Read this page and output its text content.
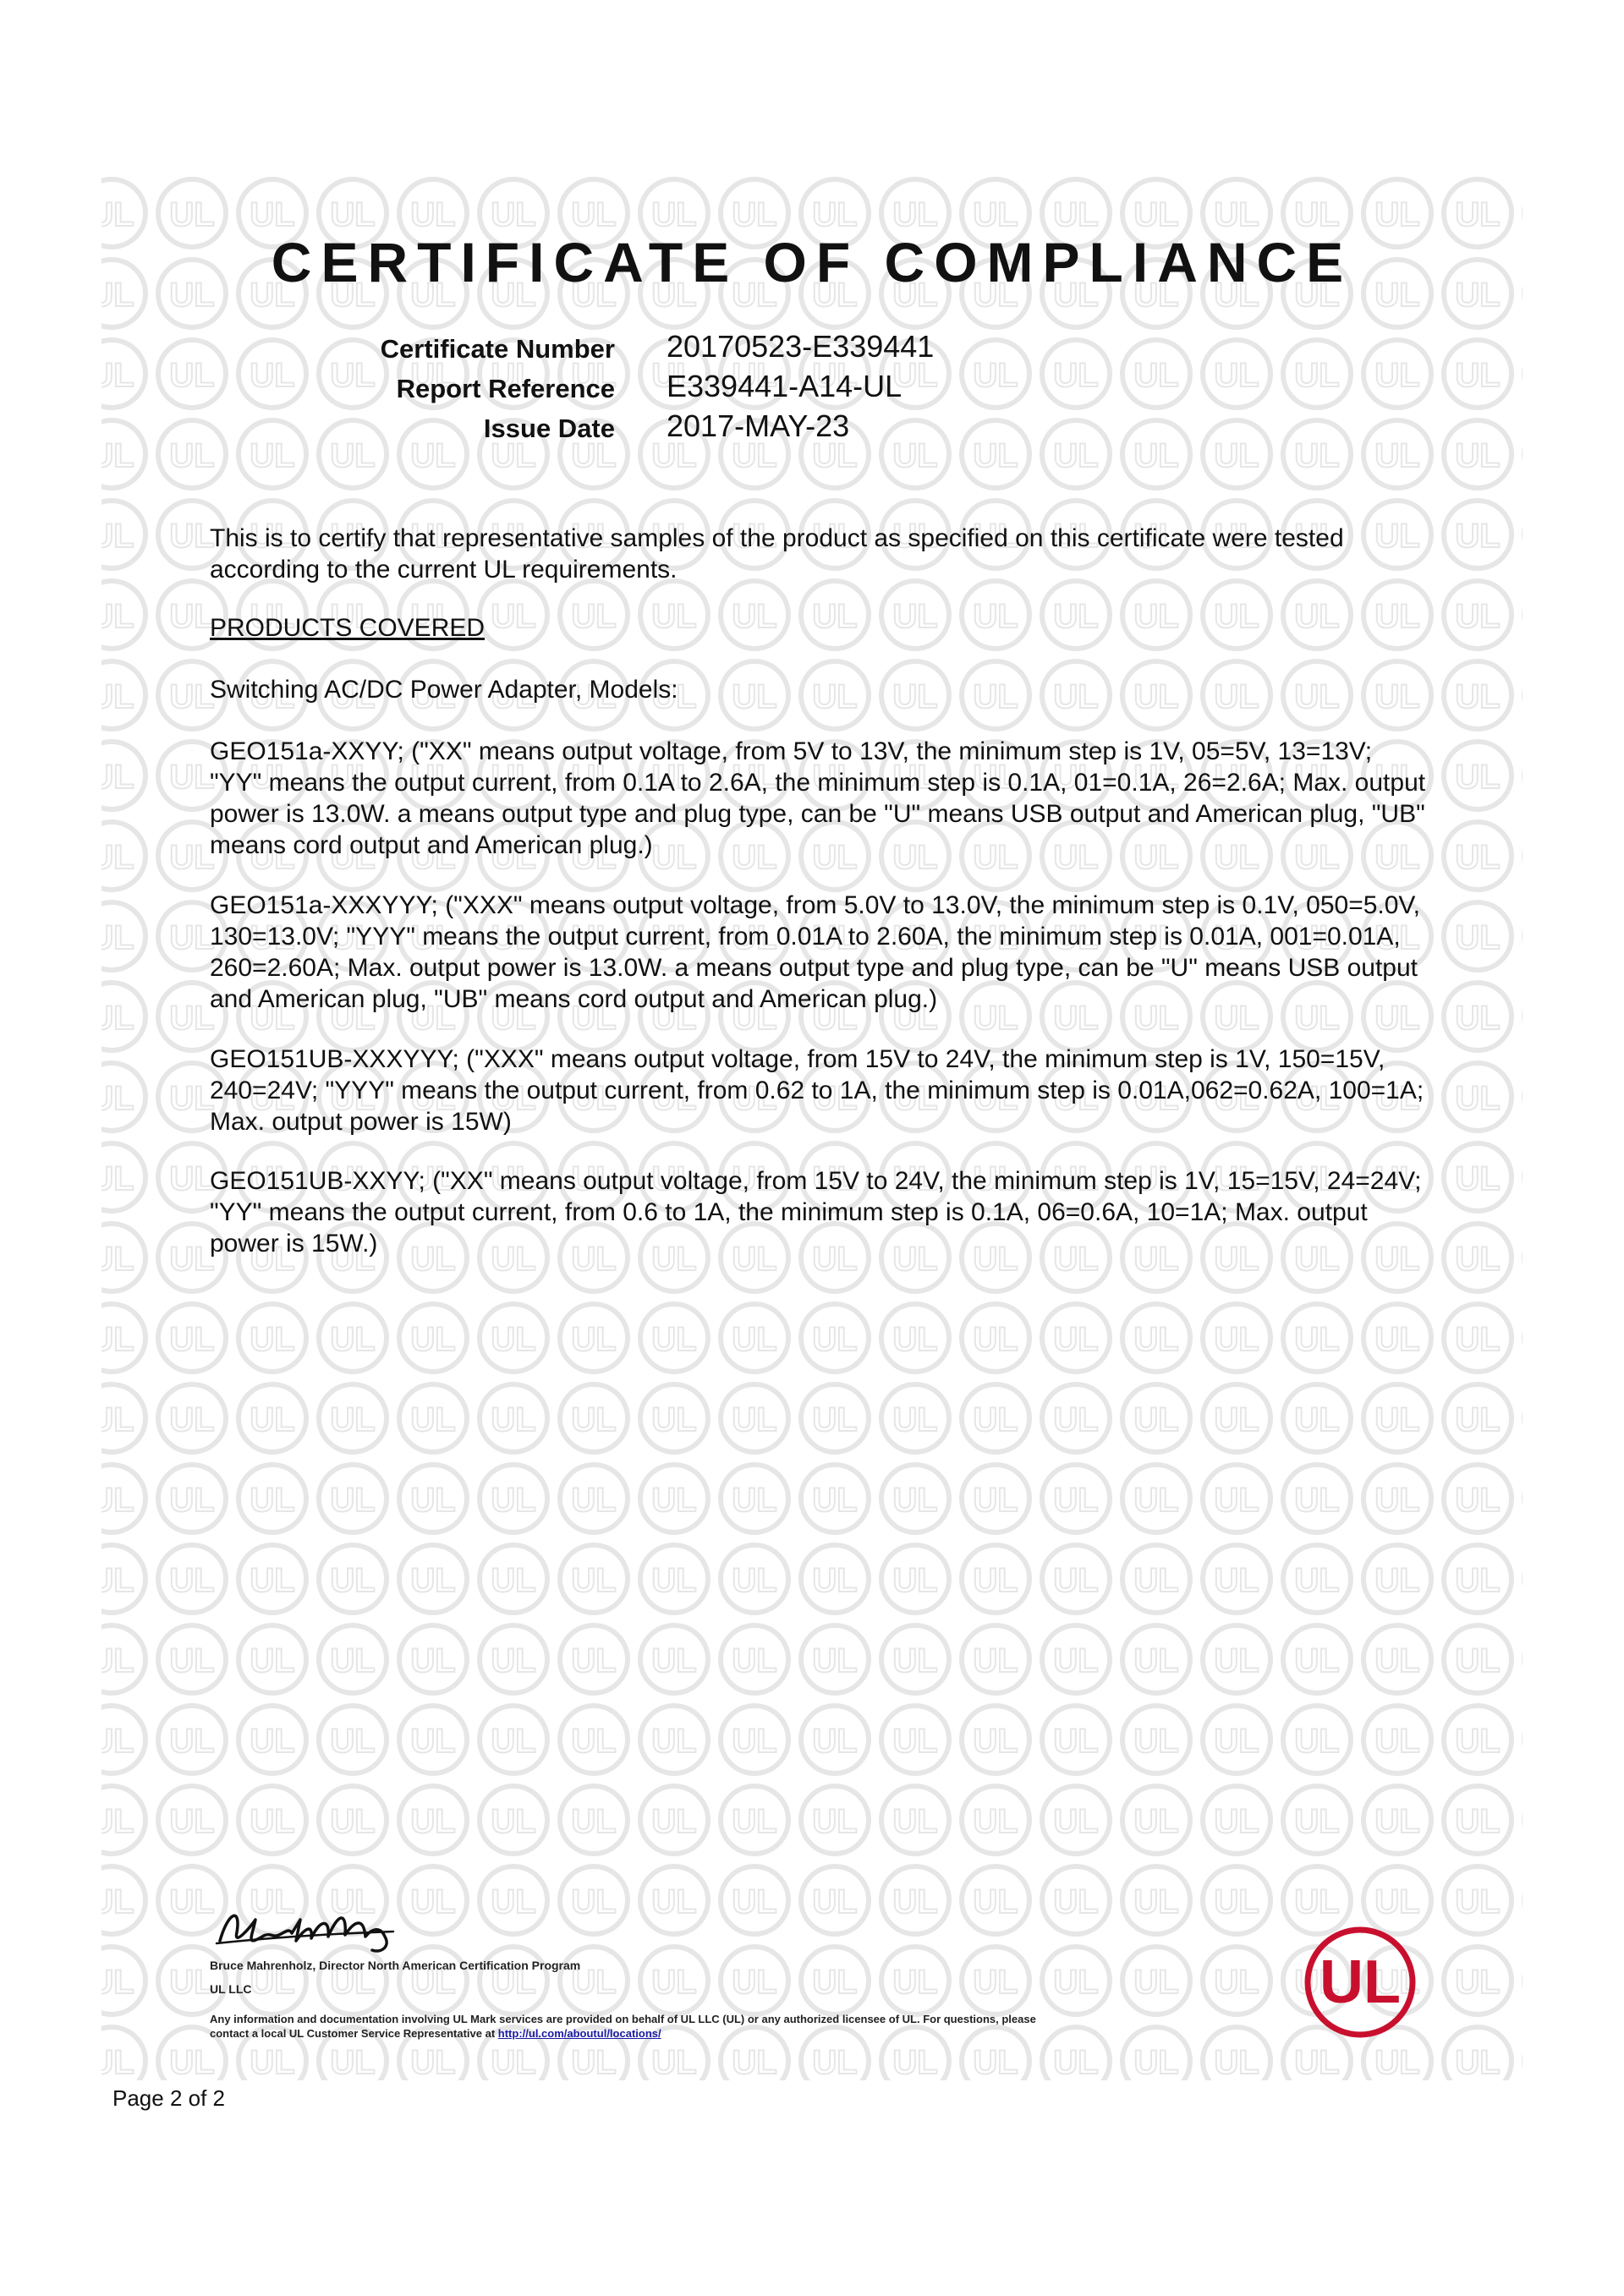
CERTIFICATE OF COMPLIANCE
Certificate Number 20170523-E339441
Report Reference E339441-A14-UL
Issue Date 2017-MAY-23
This is to certify that representative samples of the product as specified on this certificate were tested according to the current UL requirements.
PRODUCTS COVERED
Switching AC/DC Power Adapter, Models:
GEO151a-XXYY; ("XX" means output voltage, from 5V to 13V, the minimum step is 1V, 05=5V, 13=13V; "YY" means the output current, from 0.1A to 2.6A, the minimum step is 0.1A, 01=0.1A, 26=2.6A; Max. output power is 13.0W. a means output type and plug type, can be "U" means USB output and American plug, "UB" means cord output and American plug.)
GEO151a-XXXYYY; ("XXX" means output voltage, from 5.0V to 13.0V, the minimum step is 0.1V, 050=5.0V, 130=13.0V; "YYY" means the output current, from 0.01A to 2.60A, the minimum step is 0.01A, 001=0.01A, 260=2.60A; Max. output power is 13.0W. a means output type and plug type, can be "U" means USB output and American plug, "UB" means cord output and American plug.)
GEO151UB-XXXYYY; ("XXX" means output voltage, from 15V to 24V, the minimum step is 1V, 150=15V, 240=24V; "YYY" means the output current, from 0.62 to 1A, the minimum step is 0.01A,062=0.62A, 100=1A; Max. output power is 15W)
GEO151UB-XXYY; ("XX" means output voltage, from 15V to 24V, the minimum step is 1V, 15=15V, 24=24V; "YY" means the output current, from 0.6 to 1A, the minimum step is 0.1A, 06=0.6A, 10=1A; Max. output power is 15W.)
Bruce Mahrenholz, Director North American Certification Program
UL LLC
Any information and documentation involving UL Mark services are provided on behalf of UL LLC (UL) or any authorized licensee of UL. For questions, please
contact a local UL Customer Service Representative at http://ul.com/aboutul/locations/
UL
Page 2 of 2
